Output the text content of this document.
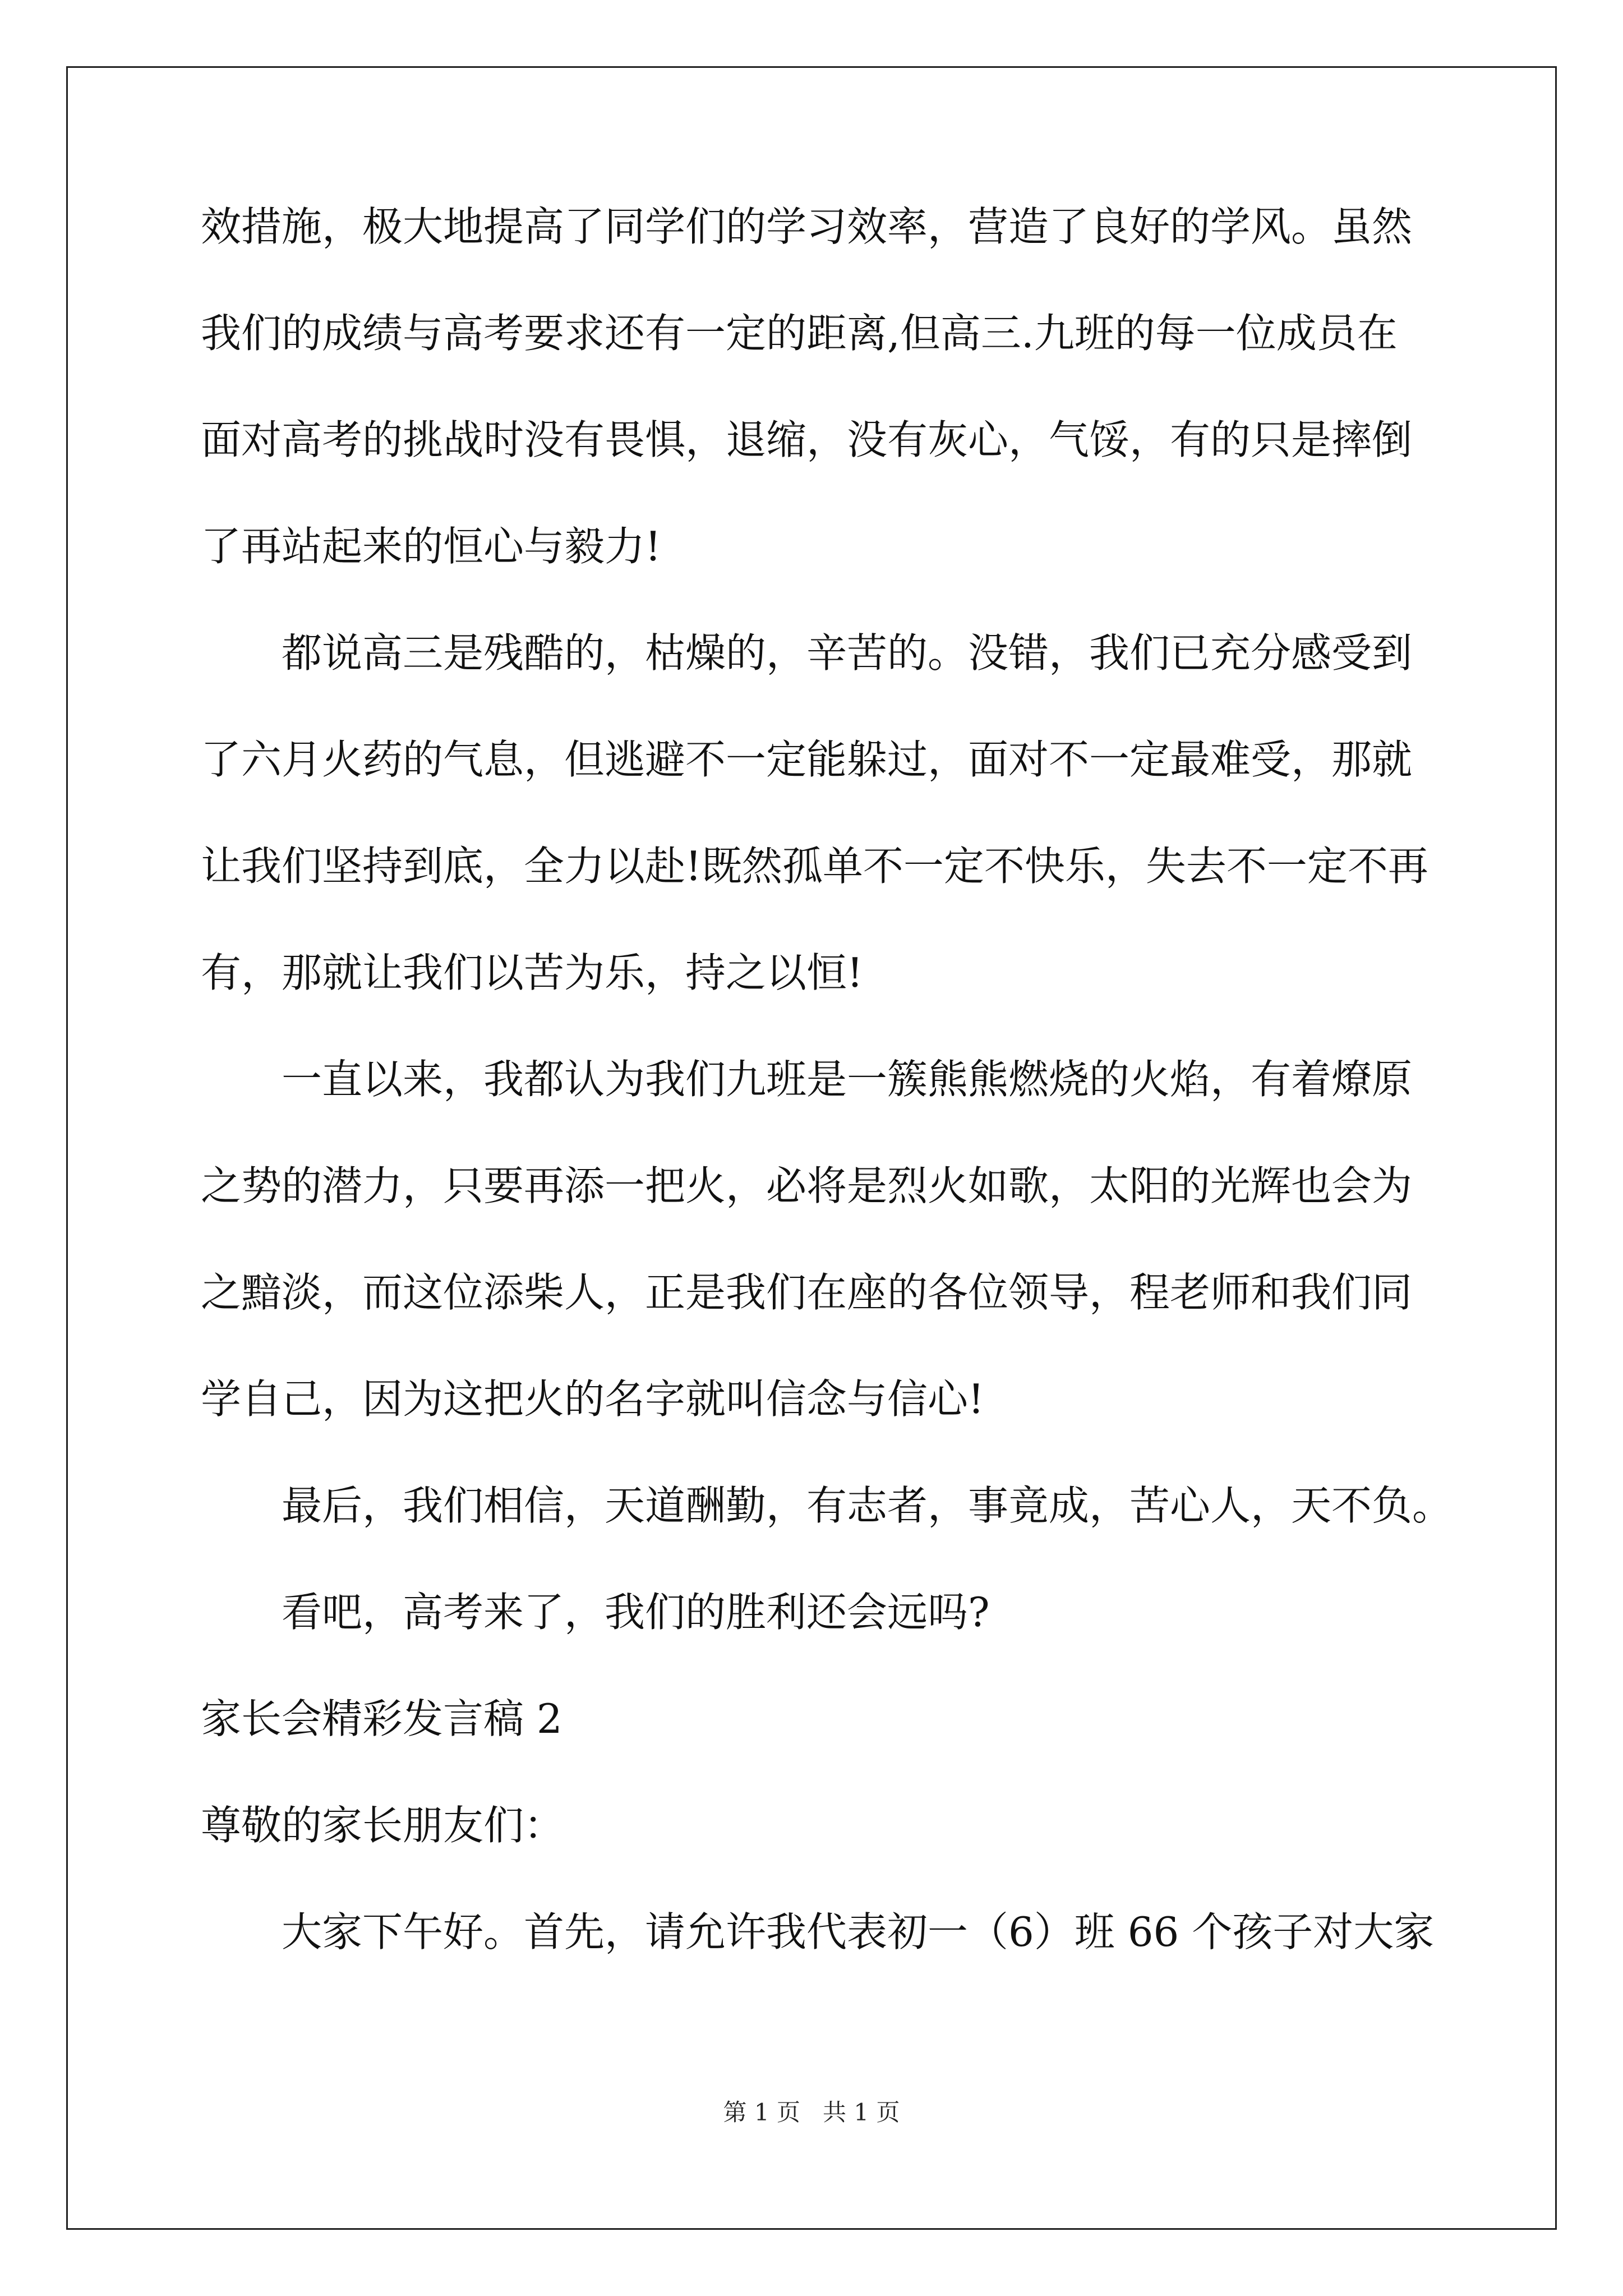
效措施，极大地提高了同学们的学习效率，营造了良好的学风。虽然
我们的成绩与高考要求还有一定的距离,但高三.九班的每一位成员在
面对高考的挑战时没有畏惧，退缩，没有灰心，气馁，有的只是摔倒
了再站起来的恒心与毅力!
都说高三是残酷的，枯燥的，辛苦的。没错，我们已充分感受到
了六月火药的气息，但逃避不一定能躲过，面对不一定最难受，那就
让我们坚持到底，全力以赴!既然孤单不一定不快乐，失去不一定不再
有，那就让我们以苦为乐，持之以恒!
一直以来，我都认为我们九班是一簇熊熊燃烧的火焰，有着燎原
之势的潜力，只要再添一把火，必将是烈火如歌，太阳的光辉也会为
之黯淡，而这位添柴人，正是我们在座的各位领导，程老师和我们同
学自己，因为这把火的名字就叫信念与信心!
最后，我们相信，天道酬勤，有志者，事竟成，苦心人，天不负。
看吧，高考来了，我们的胜利还会远吗?
家长会精彩发言稿 2
尊敬的家长朋友们：
大家下午好。首先，请允许我代表初一（6）班 66 个孩子对大家
第 1 页   共 1 页
